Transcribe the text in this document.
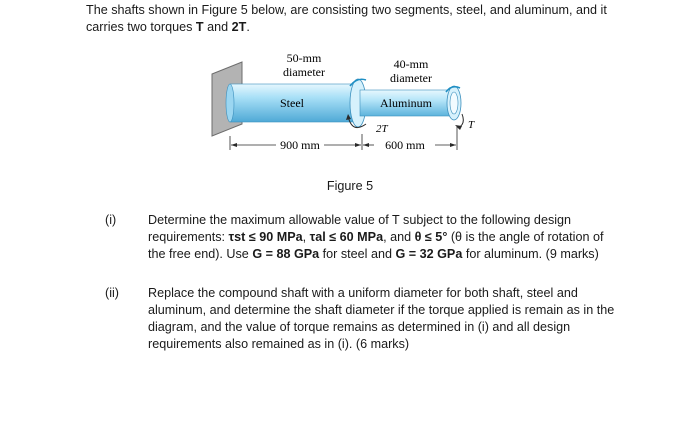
The shafts shown in Figure 5 below, are consisting two segments, steel, and aluminum, and it carries two torques T and 2T.
50-mm
diameter
40-mm
diameter
Steel	Aluminum
2T	T
900 mm	600 mm
Figure 5
(i)	Determine the maximum allowable value of T subject to the following design requirements: τst ≤ 90 MPa, τal ≤ 60 MPa, and θ ≤ 5° (θ is the angle of rotation of the free end). Use G = 88 GPa for steel and G = 32 GPa for aluminum. (9 marks)
(ii) Replace the compound shaft with a uniform diameter for both shaft, steel and aluminum, and determine the shaft diameter if the torque applied is remain as in the diagram, and the value of torque remains as determined in (i) and all design requirements also remained as in (i). (6 marks)
